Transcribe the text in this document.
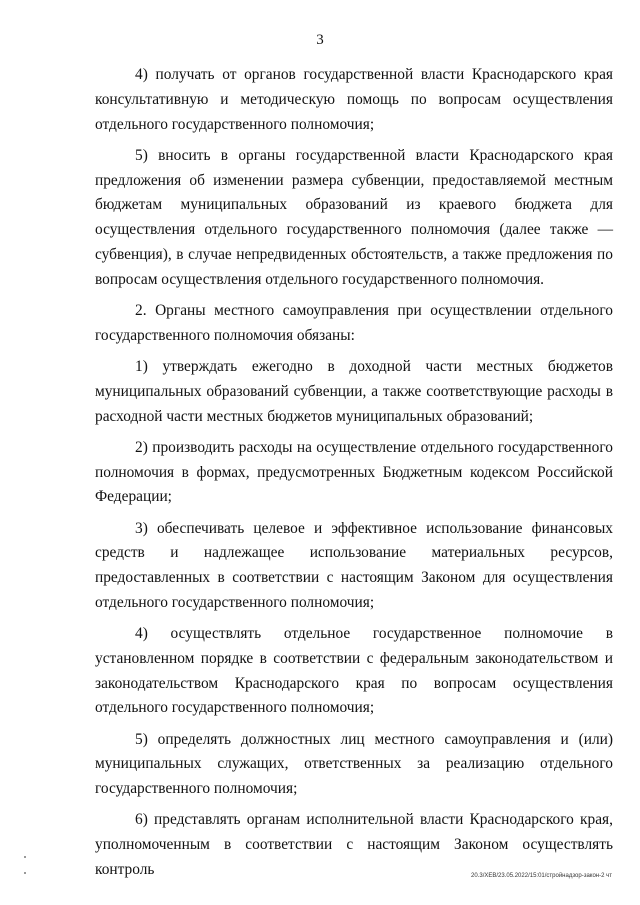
3

4) получать от органов государственной власти Краснодарского края консультативную и методическую помощь по вопросам осуществления отдельного государственного полномочия;

5) вносить в органы государственной власти Краснодарского края предложения об изменении размера субвенции, предоставляемой местным бюджетам муниципальных образований из краевого бюджета для осуществления отдельного государственного полномочия (далее также — субвенция), в случае непредвиденных обстоятельств, а также предложения по вопросам осуществления отдельного государственного полномочия.

2. Органы местного самоуправления при осуществлении отдельного государственного полномочия обязаны:

1) утверждать ежегодно в доходной части местных бюджетов муниципальных образований субвенции, а также соответствующие расходы в расходной части местных бюджетов муниципальных образований;

2) производить расходы на осуществление отдельного государственного полномочия в формах, предусмотренных Бюджетным кодексом Российской Федерации;

3) обеспечивать целевое и эффективное использование финансовых средств и надлежащее использование материальных ресурсов, предоставленных в соответствии с настоящим Законом для осуществления отдельного государственного полномочия;

4) осуществлять отдельное государственное полномочие в установленном порядке в соответствии с федеральным законодательством и законодательством Краснодарского края по вопросам осуществления отдельного государственного полномочия;

5) определять должностных лиц местного самоуправления и (или) муниципальных служащих, ответственных за реализацию отдельного государственного полномочия;

6) представлять органам исполнительной власти Краснодарского края, уполномоченным в соответствии с настоящим Законом осуществлять контроль	20.3/ХЕВ/23.05.2022/15:01/стройнадзор-закон-2 чт
